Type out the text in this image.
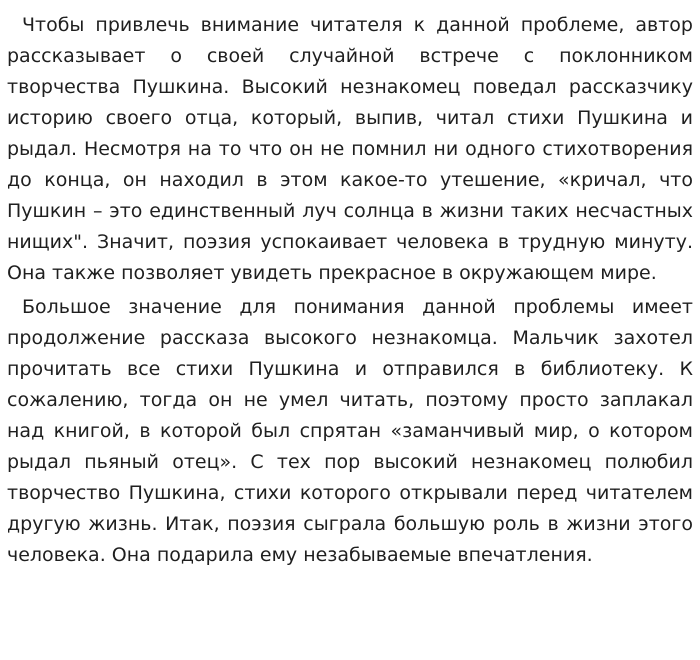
Чтобы привлечь внимание читателя к данной проблеме, автор рассказывает о своей случайной встрече с поклонником творчества Пушкина. Высокий незнакомец поведал рассказчику историю своего отца, который, выпив, читал стихи Пушкина и рыдал. Несмотря на то что он не помнил ни одного стихотворения до конца, он находил в этом какое-то утешение, «кричал, что Пушкин – это единственный луч солнца в жизни таких несчастных нищих". Значит, поэзия успокаивает человека в трудную минуту. Она также позволяет увидеть прекрасное в окружающем мире.

Большое значение для понимания данной проблемы имеет продолжение рассказа высокого незнакомца. Мальчик захотел прочитать все стихи Пушкина и отправился в библиотеку. К сожалению, тогда он не умел читать, поэтому просто заплакал над книгой, в которой был спрятан «заманчивый мир, о котором рыдал пьяный отец». С тех пор высокий незнакомец полюбил творчество Пушкина, стихи которого открывали перед читателем другую жизнь. Итак, поэзия сыграла большую роль в жизни этого человека. Она подарила ему незабываемые впечатления.
